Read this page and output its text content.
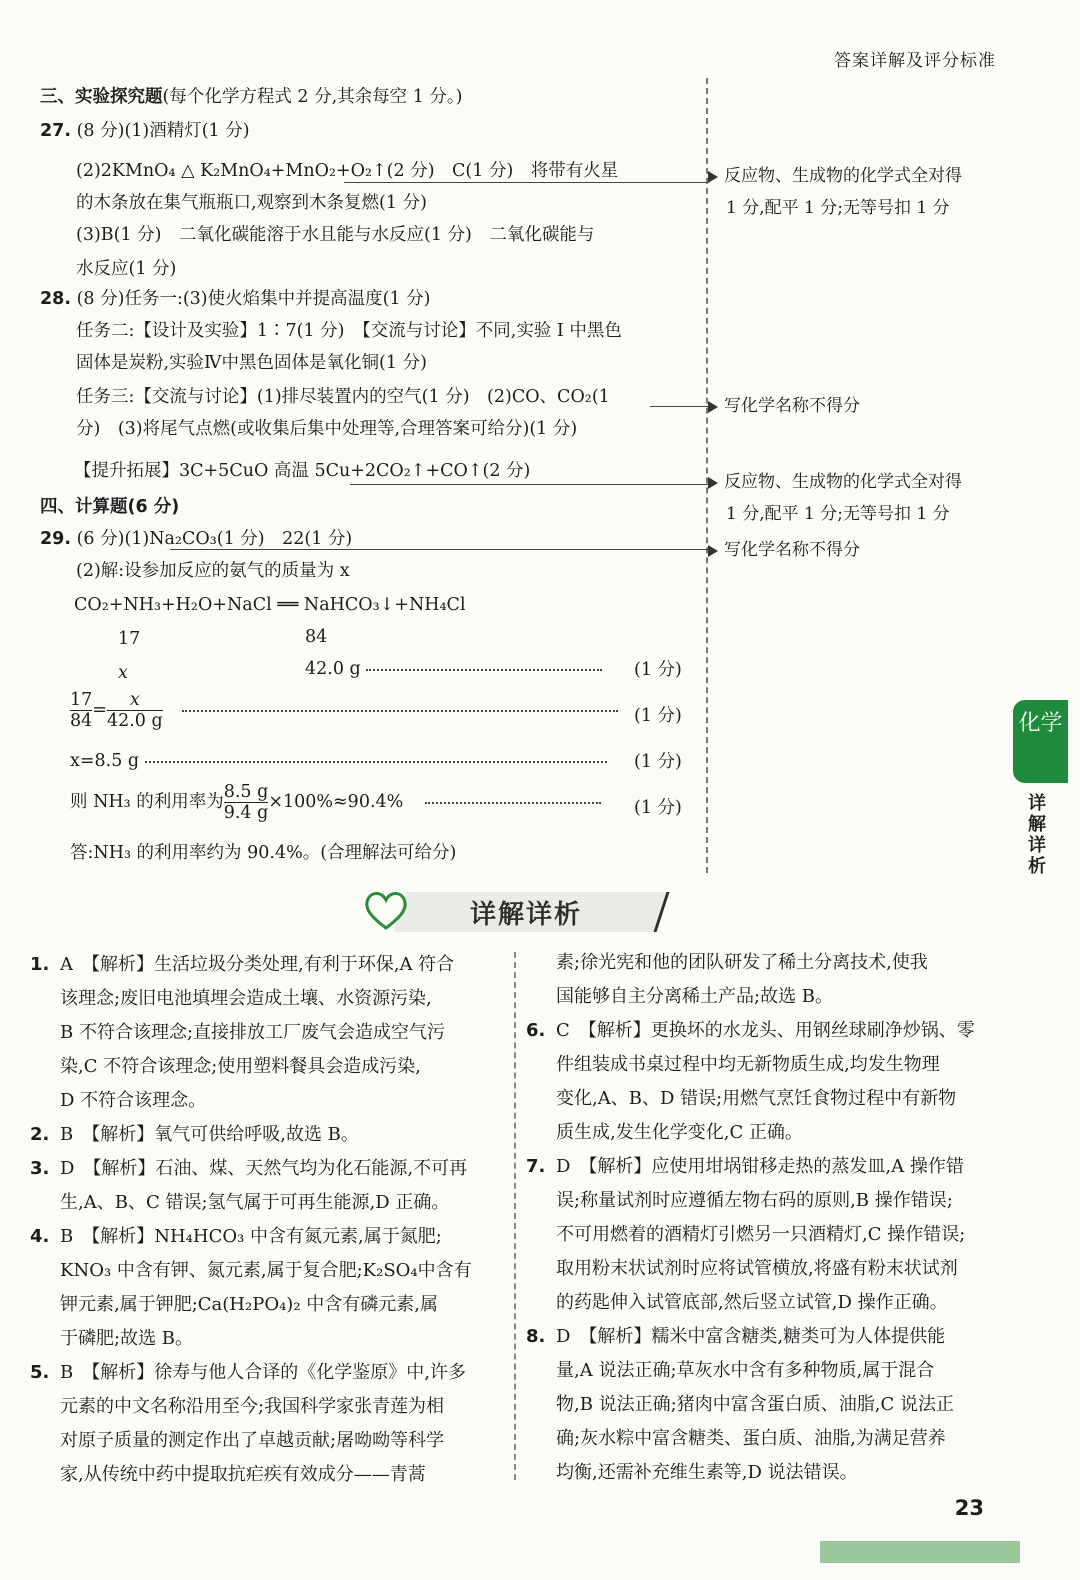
答案详解及评分标准
三、实验探究题(每个化学方程式 2 分,其余每空 1 分。)
27. (8 分)(1)酒精灯(1 分)
(2)2KMnO₄ △ K₂MnO₄+MnO₂+O₂↑(2 分)　C(1 分)　将带有火星
的木条放在集气瓶瓶口,观察到木条复燃(1 分)
(3)B(1 分)　二氧化碳能溶于水且能与水反应(1 分)　二氧化碳能与
水反应(1 分)
28. (8 分)任务一:(3)使火焰集中并提高温度(1 分)
任务二:【设计及实验】1∶7(1 分)　【交流与讨论】不同,实验 Ⅰ 中黑色
固体是炭粉,实验Ⅳ中黑色固体是氧化铜(1 分)
任务三:【交流与讨论】(1)排尽装置内的空气(1 分)　(2)CO、CO₂(1
分)　(3)将尾气点燃(或收集后集中处理等,合理答案可给分)(1 分)
【提升拓展】3C+5CuO 高温 5Cu+2CO₂↑+CO↑(2 分)
四、计算题(6 分)
29. (6 分)(1)Na₂CO₃(1 分)　22(1 分)
(2)解:设参加反应的氨气的质量为 x
CO₂+NH₃+H₂O+NaCl ══ NaHCO₃↓+NH₄Cl
17	84
x	42.0 g	(1 分)
$\frac{17}{84} = \frac{x}{42.0 g}$
	(1 分)
x=8.5 g	(1 分)
则 NH₃ 的利用率为 $\frac{8.5 g}{9.4 g} \times 100\%\approx 90.4\%$	(1 分)
答:NH₃ 的利用率约为 90.4%。(合理解法可给分)
反应物、生成物的化学式全对得
1 分,配平 1 分;无等号扣 1 分
写化学名称不得分
反应物、生成物的化学式全对得
1 分,配平 1 分;无等号扣 1 分
写化学名称不得分
化学
详解详析
详解详析
1. A　【解析】生活垃圾分类处理,有利于环保,A 符合
该理念;废旧电池填埋会造成土壤、水资源污染,
B 不符合该理念;直接排放工厂废气会造成空气污
染,C 不符合该理念;使用塑料餐具会造成污染,
D 不符合该理念。
2. B　【解析】氧气可供给呼吸,故选 B。
3. D　【解析】石油、煤、天然气均为化石能源,不可再
生,A、B、C 错误;氢气属于可再生能源,D 正确。
4. B　【解析】NH₄HCO₃ 中含有氮元素,属于氮肥;
KNO₃ 中含有钾、氮元素,属于复合肥;K₂SO₄中含有
钾元素,属于钾肥;Ca(H₂PO₄)₂ 中含有磷元素,属
于磷肥;故选 B。
5. B　【解析】徐寿与他人合译的《化学鉴原》中,许多
元素的中文名称沿用至今;我国科学家张青莲为相
对原子质量的测定作出了卓越贡献;屠呦呦等科学
家,从传统中药中提取抗疟疾有效成分——青蒿
素;徐光宪和他的团队研发了稀土分离技术,使我
国能够自主分离稀土产品;故选 B。
6. C　【解析】更换坏的水龙头、用钢丝球刷净炒锅、零
件组装成书桌过程中均无新物质生成,均发生物理
变化,A、B、D 错误;用燃气烹饪食物过程中有新物
质生成,发生化学变化,C 正确。
7. D　【解析】应使用坩埚钳移走热的蒸发皿,A 操作错
误;称量试剂时应遵循左物右码的原则,B 操作错误;
不可用燃着的酒精灯引燃另一只酒精灯,C 操作错误;
取用粉末状试剂时应将试管横放,将盛有粉末状试剂
的药匙伸入试管底部,然后竖立试管,D 操作正确。
8. D　【解析】糯米中富含糖类,糖类可为人体提供能
量,A 说法正确;草灰水中含有多种物质,属于混合
物,B 说法正确;猪肉中富含蛋白质、油脂,C 说法正
确;灰水粽中富含糖类、蛋白质、油脂,为满足营养
均衡,还需补充维生素等,D 说法错误。
23
